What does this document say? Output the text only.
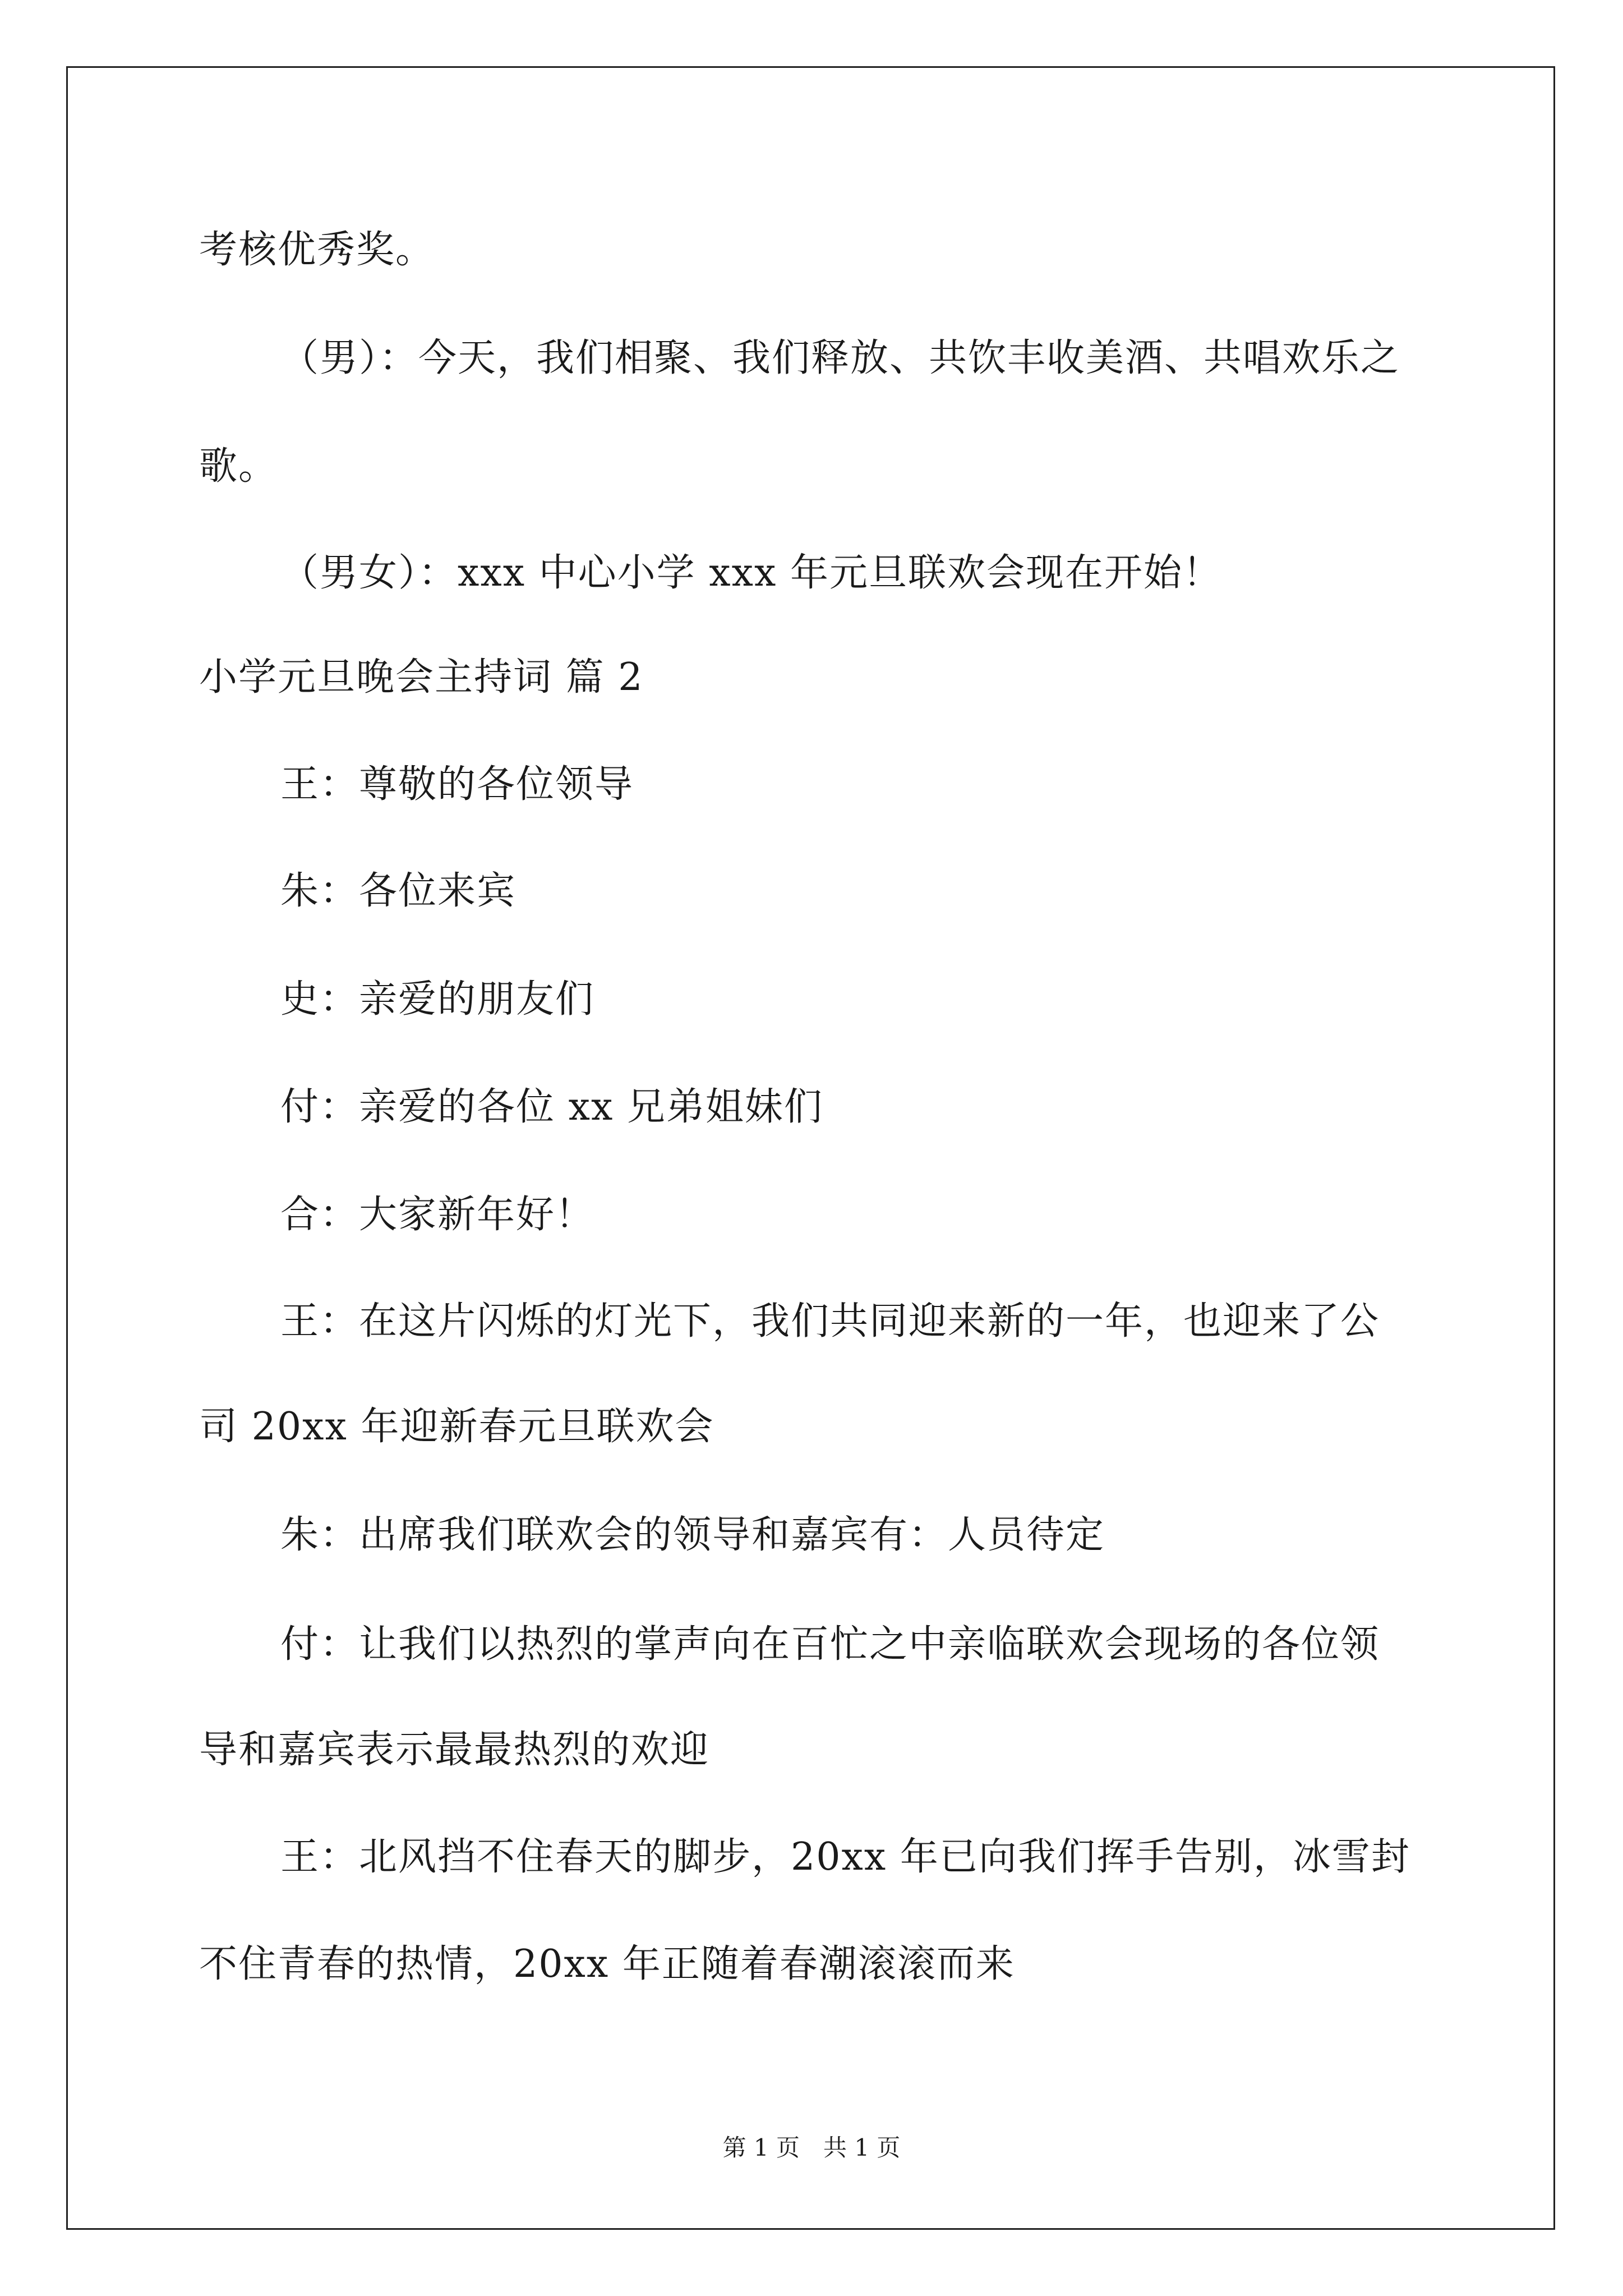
考核优秀奖。
（男）：今天，我们相聚、我们释放、共饮丰收美酒、共唱欢乐之
歌。
（男女）：xxx 中心小学 xxx 年元旦联欢会现在开始！
小学元旦晚会主持词 篇 2
王：尊敬的各位领导
朱：各位来宾
史：亲爱的朋友们
付：亲爱的各位 xx 兄弟姐妹们
合：大家新年好！
王：在这片闪烁的灯光下，我们共同迎来新的一年，也迎来了公
司 20xx 年迎新春元旦联欢会
朱：出席我们联欢会的领导和嘉宾有：人员待定
付：让我们以热烈的掌声向在百忙之中亲临联欢会现场的各位领
导和嘉宾表示最最热烈的欢迎
王：北风挡不住春天的脚步，20xx 年已向我们挥手告别，冰雪封
不住青春的热情，20xx 年正随着春潮滚滚而来
第 1 页　共 1 页
